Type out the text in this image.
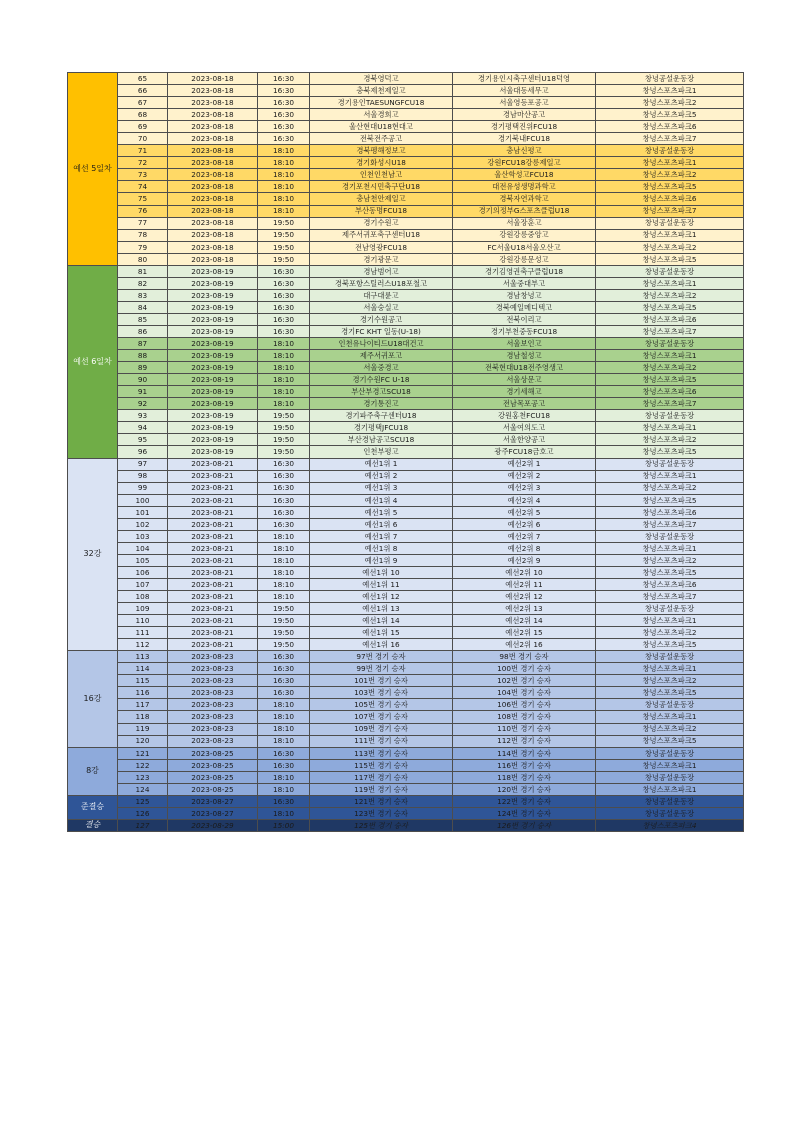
예선 5일차	65	2023-08-18	16:30	경북영덕고	경기용인시축구센터U18덕영	창녕공설운동장
	66	2023-08-18	16:30	충북제천제일고	서울대동세무고	창녕스포츠파크1
	67	2023-08-18	16:30	경기용인TAESUNGFCU18	서울영등포공고	창녕스포츠파크2
	68	2023-08-18	16:30	서울경희고	경남마산공고	창녕스포츠파크5
	69	2023-08-18	16:30	울산현대U18현대고	경기평택진위FCU18	창녕스포츠파크6
	70	2023-08-18	16:30	전북전주공고	경기북내FCU18	창녕스포츠파크7
	71	2023-08-18	18:10	경북펭해정보고	충남신평고	창녕공설운동장
	72	2023-08-18	18:10	경기화성시U18	강원FCU18강릉제일고	창녕스포츠파크1
	73	2023-08-18	18:10	인천인천남고	울산학성고FCU18	창녕스포츠파크2
	74	2023-08-18	18:10	경기포천시민축구단U18	대전유성생명과학고	창녕스포츠파크5
	75	2023-08-18	18:10	충남천안제일고	경북자연과학고	창녕스포츠파크6
	76	2023-08-18	18:10	부산동명FCU18	경기의정부G스포츠클럽U18	창녕스포츠파크7
	77	2023-08-18	19:50	경기수원고	서울장훈고	창녕공설운동장
	78	2023-08-18	19:50	제주서귀포축구센터U18	강원강릉중앙고	창녕스포츠파크1
	79	2023-08-18	19:50	전남영광FCU18	FC서울U18서울오산고	창녕스포츠파크2
	80	2023-08-18	19:50	경기광문고	강원강릉문성고	창녕스포츠파크5
예선 6일차	81	2023-08-19	16:30	경남범어고	경기김영권축구클럽U18	창녕공설운동장
	82	2023-08-19	16:30	경북포항스틸러스U18포철고	서울중대부고	창녕스포츠파크1
	83	2023-08-19	16:30	대구대륜고	경남창녕고	창녕스포츠파크2
	84	2023-08-19	16:30	서울숭실고	경북예일메디텍고	창녕스포츠파크5
	85	2023-08-19	16:30	경기수원공고	전북이리고	창녕스포츠파크6
	86	2023-08-19	16:30	경기FC KHT 일동(U-18)	경기부천중동FCU18	창녕스포츠파크7
	87	2023-08-19	18:10	인천유나이티드U18대건고	서울보인고	창녕공설운동장
	88	2023-08-19	18:10	제주서귀포고	경남철성고	창녕스포츠파크1
	89	2023-08-19	18:10	서울중경고	전북현대U18전주영생고	창녕스포츠파크2
	90	2023-08-19	18:10	경기수원FC U-18	서울상문고	창녕스포츠파크5
	91	2023-08-19	18:10	부산부경고SCU18	경기세해고	창녕스포츠파크6
	92	2023-08-19	18:10	경기통진고	전남목포공고	창녕스포츠파크7
	93	2023-08-19	19:50	경기파주축구센터U18	강원홍천FCU18	창녕공설운동장
	94	2023-08-19	19:50	경기평택JFCU18	서울여의도고	창녕스포츠파크1
	95	2023-08-19	19:50	부산경남공고SCU18	서울한양공고	창녕스포츠파크2
	96	2023-08-19	19:50	인천부평고	광주FCU18금호고	창녕스포츠파크5
32강	97	2023-08-21	16:30	예선1위 1	예선2위 1	창녕공설운동장
	98	2023-08-21	16:30	예선1위 2	예선2위 2	창녕스포츠파크1
	99	2023-08-21	16:30	예선1위 3	예선2위 3	창녕스포츠파크2
	100	2023-08-21	16:30	예선1위 4	예선2위 4	창녕스포츠파크5
	101	2023-08-21	16:30	예선1위 5	예선2위 5	창녕스포츠파크6
	102	2023-08-21	16:30	예선1위 6	예선2위 6	창녕스포츠파크7
	103	2023-08-21	18:10	예선1위 7	예선2위 7	창녕공설운동장
	104	2023-08-21	18:10	예선1위 8	예선2위 8	창녕스포츠파크1
	105	2023-08-21	18:10	예선1위 9	예선2위 9	창녕스포츠파크2
	106	2023-08-21	18:10	예선1위 10	예선2위 10	창녕스포츠파크5
	107	2023-08-21	18:10	예선1위 11	예선2위 11	창녕스포츠파크6
	108	2023-08-21	18:10	예선1위 12	예선2위 12	창녕스포츠파크7
	109	2023-08-21	19:50	예선1위 13	예선2위 13	창녕공설운동장
	110	2023-08-21	19:50	예선1위 14	예선2위 14	창녕스포츠파크1
	111	2023-08-21	19:50	예선1위 15	예선2위 15	창녕스포츠파크2
	112	2023-08-21	19:50	예선1위 16	예선2위 16	창녕스포츠파크5
16강	113	2023-08-23	16:30	97번 경기 승자	98번 경기 승자	창녕공설운동장
	114	2023-08-23	16:30	99번 경기 승자	100번 경기 승자	창녕스포츠파크1
	115	2023-08-23	16:30	101번 경기 승자	102번 경기 승자	창녕스포츠파크2
	116	2023-08-23	16:30	103번 경기 승자	104번 경기 승자	창녕스포츠파크5
	117	2023-08-23	18:10	105번 경기 승자	106번 경기 승자	창녕공설운동장
	118	2023-08-23	18:10	107번 경기 승자	108번 경기 승자	창녕스포츠파크1
	119	2023-08-23	18:10	109번 경기 승자	110번 경기 승자	창녕스포츠파크2
	120	2023-08-23	18:10	111번 경기 승자	112번 경기 승자	창녕스포츠파크5
8강	121	2023-08-25	16:30	113번 경기 승자	114번 경기 승자	창녕공설운동장
	122	2023-08-25	16:30	115번 경기 승자	116번 경기 승자	창녕스포츠파크1
	123	2023-08-25	18:10	117번 경기 승자	118번 경기 승자	창녕공설운동장
	124	2023-08-25	18:10	119번 경기 승자	120번 경기 승자	창녕스포츠파크1
준결승	125	2023-08-27	16:30	121번 경기 승자	122번 경기 승자	창녕공설운동장
	126	2023-08-27	18:10	123번 경기 승자	124번 경기 승자	창녕공설운동장
결승	127	2023-08-29	15:00	125번 경기 승자	126번 경기 승자	창녕스포츠파크4
